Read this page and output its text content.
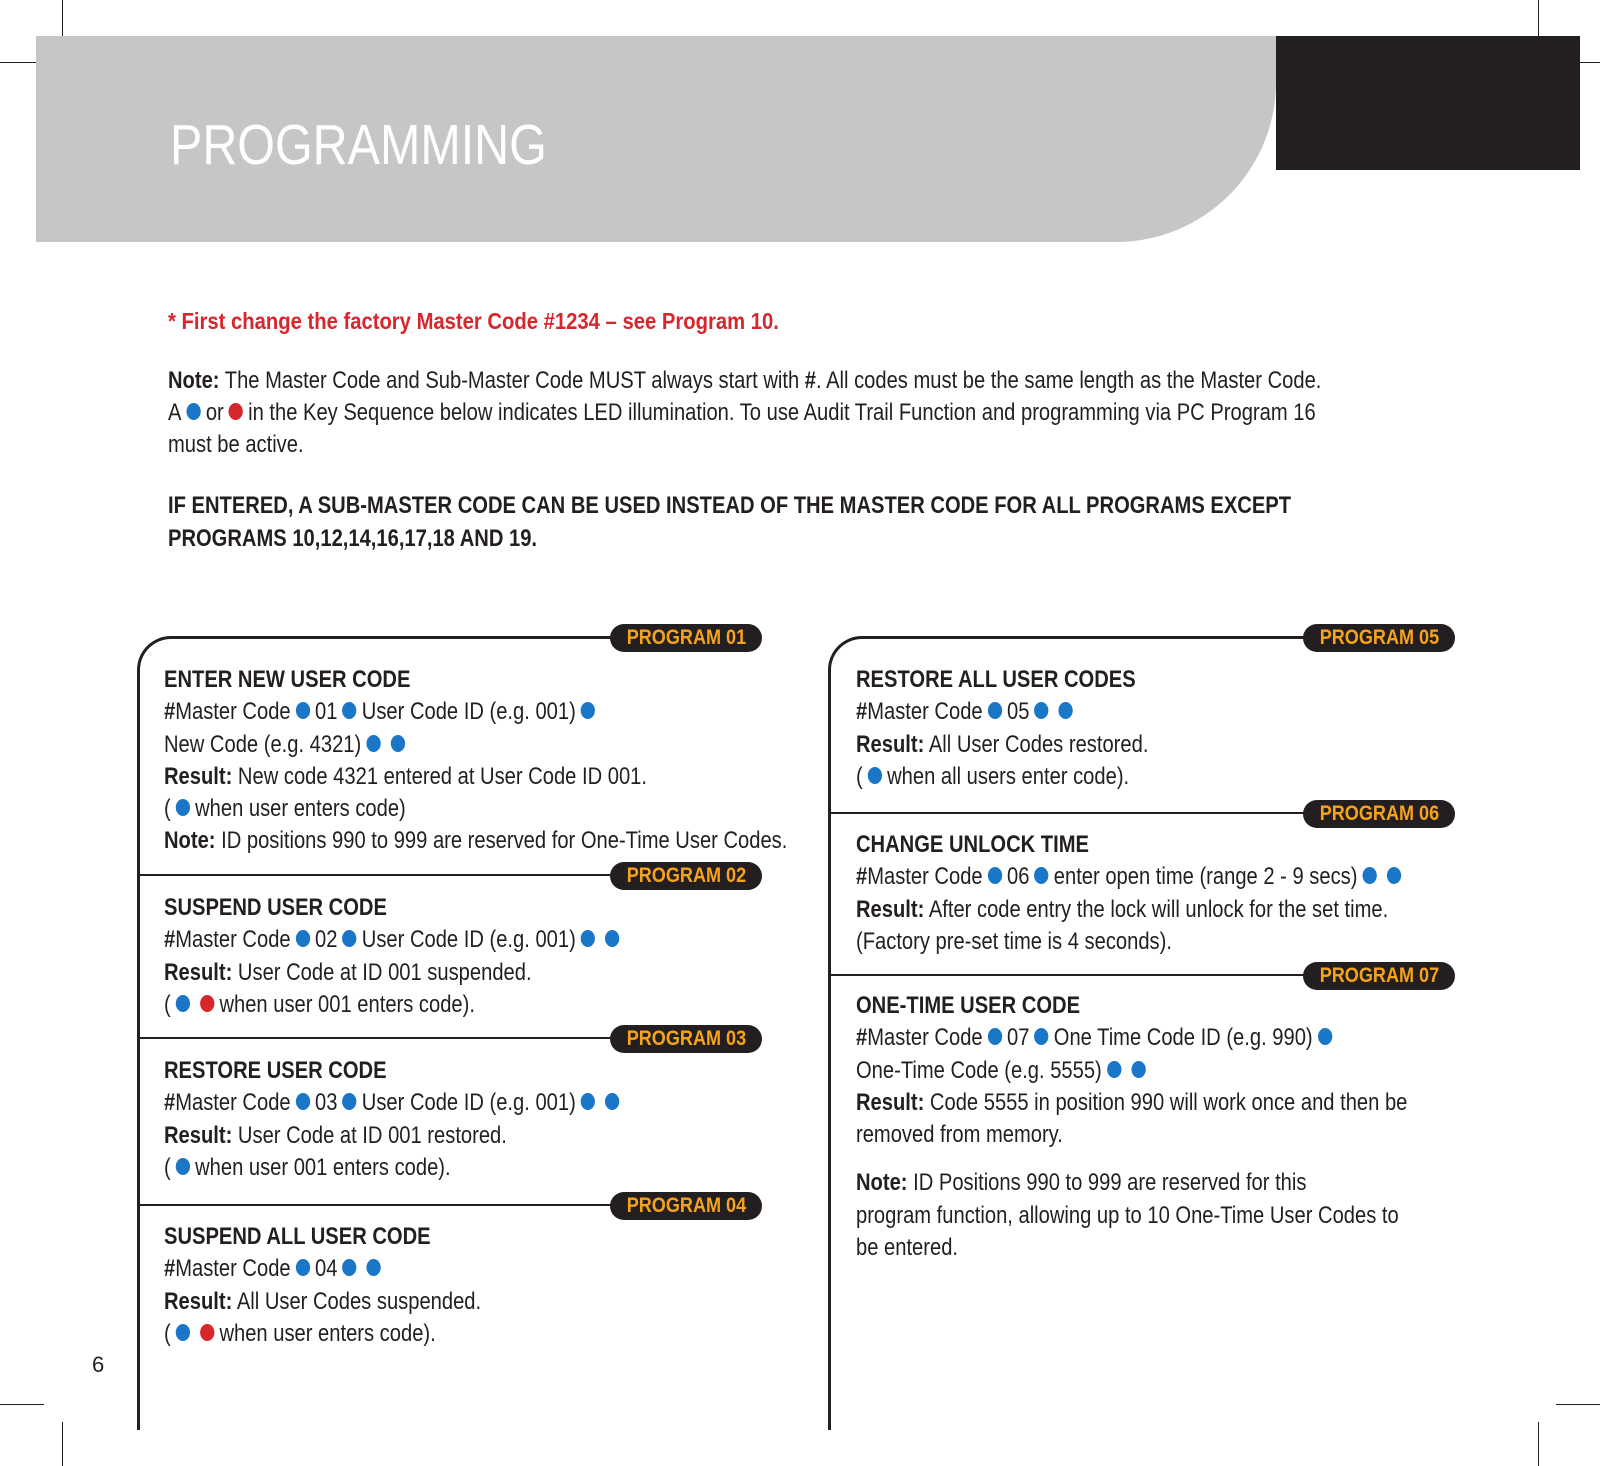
PROGRAMMING
* First change the factory Master Code #1234 – see Program 10.
Note: The Master Code and Sub-Master Code MUST always start with #. All codes must be the same length as the Master Code.
A or in the Key Sequence below indicates LED illumination. To use Audit Trail Function and programming via PC Program 16
must be active.
IF ENTERED, A SUB-MASTER CODE CAN BE USED INSTEAD OF THE MASTER CODE FOR ALL PROGRAMS EXCEPT
PROGRAMS 10,12,14,16,17,18 AND 19.
PROGRAM 01
ENTER NEW USER CODE
#Master Code 01 User Code ID (e.g. 001)
New Code (e.g. 4321)
Result: New code 4321 entered at User Code ID 001.
( when user enters code)
Note: ID positions 990 to 999 are reserved for One-Time User Codes.
PROGRAM 02
SUSPEND USER CODE
#Master Code 02 User Code ID (e.g. 001)
Result: User Code at ID 001 suspended.
( when user 001 enters code).
PROGRAM 03
RESTORE USER CODE
#Master Code 03 User Code ID (e.g. 001)
Result: User Code at ID 001 restored.
( when user 001 enters code).
PROGRAM 04
SUSPEND ALL USER CODE
#Master Code 04
Result: All User Codes suspended.
( when user enters code).
PROGRAM 05
RESTORE ALL USER CODES
#Master Code 05
Result: All User Codes restored.
( when all users enter code).
PROGRAM 06
CHANGE UNLOCK TIME
#Master Code 06 enter open time (range 2 - 9 secs)
Result: After code entry the lock will unlock for the set time.
(Factory pre-set time is 4 seconds).
PROGRAM 07
ONE-TIME USER CODE
#Master Code 07 One Time Code ID (e.g. 990)
One-Time Code (e.g. 5555)
Result: Code 5555 in position 990 will work once and then be
removed from memory.
Note: ID Positions 990 to 999 are reserved for this
program function, allowing up to 10 One-Time User Codes to
be entered.
6
